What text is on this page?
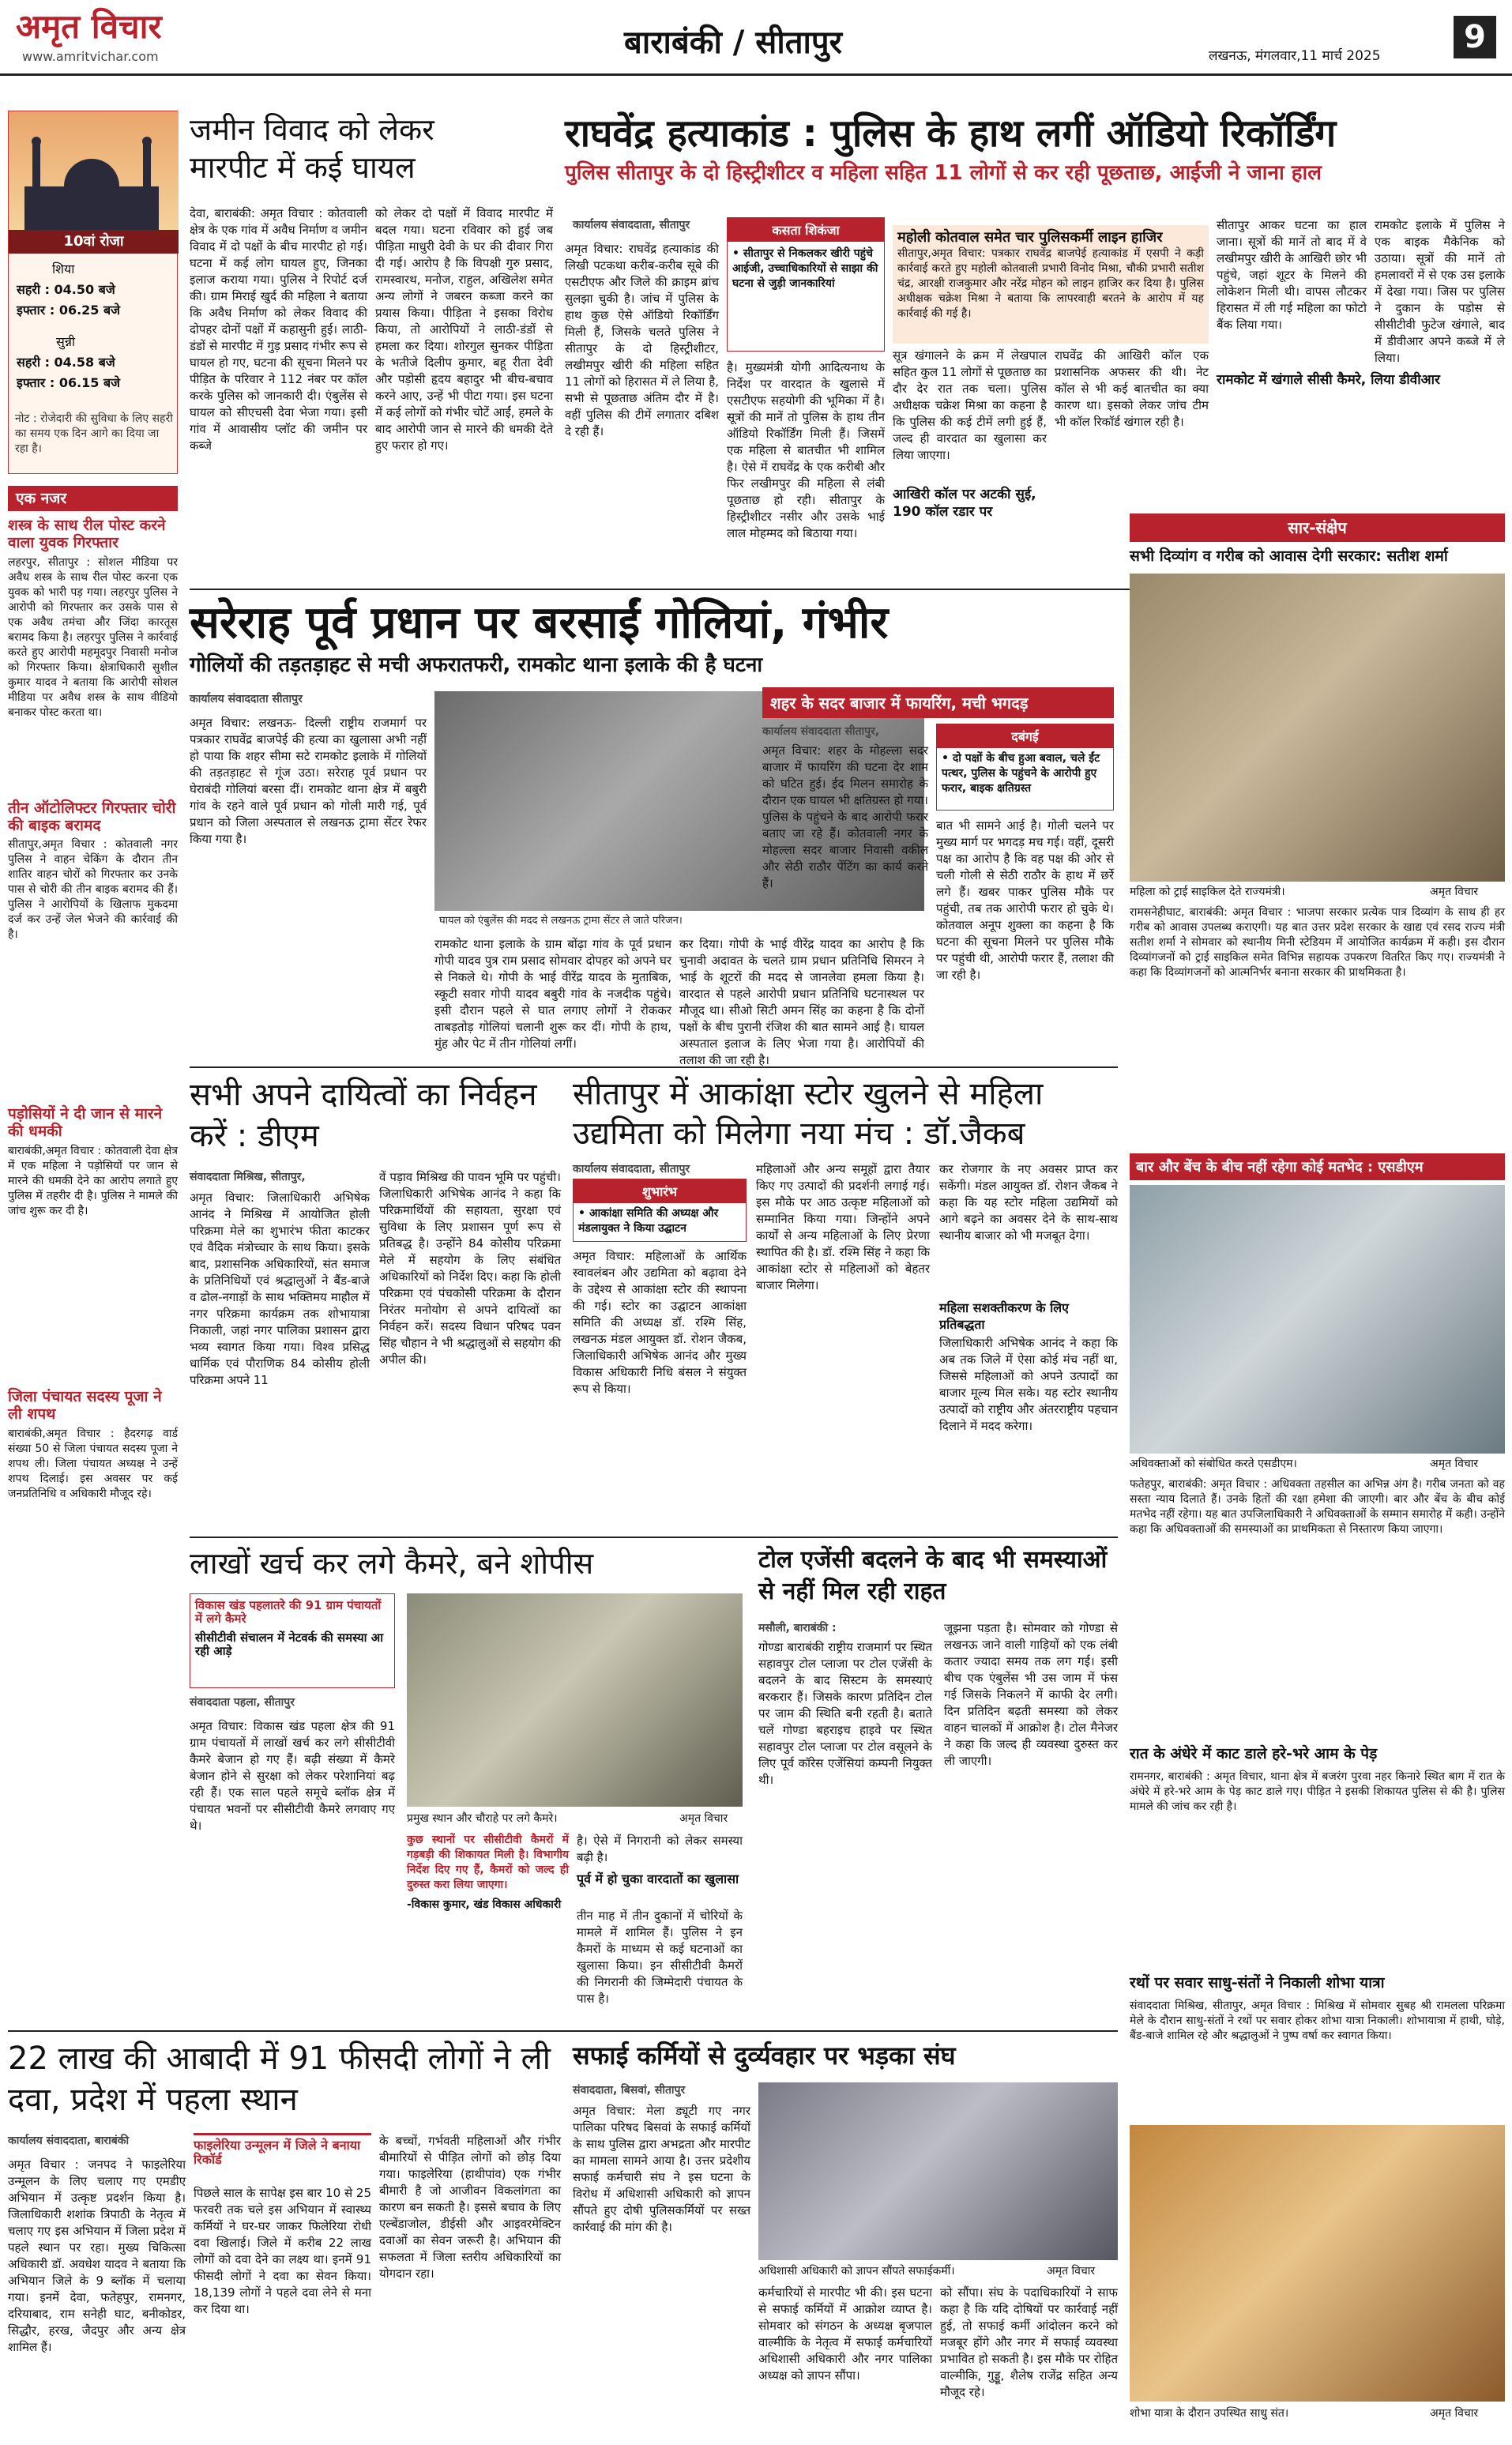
अमृत विचार
www.amritvichar.com	बाराबंकी / सीतापुर	लखनऊ, मंगलवार,11 मार्च 2025
9
10वां रोजा
शिया
सहरी : 04.50 बजे
इफ्तार : 06.25 बजे
सुन्नी
सहरी : 04.58 बजे
इफ्तार : 06.15 बजे
नोट : रोजेदारी की सुविधा के लिए सहरी का समय एक दिन आगे का दिया जा रहा है।
एक नजर
शस्त्र के साथ रील पोस्ट करने वाला युवक गिरफ्तार
लहरपुर, सीतापुर : सोशल मीडिया पर अवैध शस्त्र के साथ रील पोस्ट करना एक युवक को भारी पड़ गया। लहरपुर पुलिस ने आरोपी को गिरफ्तार कर उसके पास से एक अवैध तमंचा और जिंदा कारतूस बरामद किया है। लहरपुर पुलिस ने कार्रवाई करते हुए आरोपी महमूदपुर निवासी मनोज को गिरफ्तार किया। क्षेत्राधिकारी सुशील कुमार यादव ने बताया कि आरोपी सोशल मीडिया पर अवैध शस्त्र के साथ वीडियो बनाकर पोस्ट करता था।
तीन ऑटोलिफ्टर गिरफ्तार चोरी की बाइक बरामद
सीतापुर,अमृत विचार : कोतवाली नगर पुलिस ने वाहन चेकिंग के दौरान तीन शातिर वाहन चोरों को गिरफ्तार कर उनके पास से चोरी की तीन बाइक बरामद की हैं। पुलिस ने आरोपियों के खिलाफ मुकदमा दर्ज कर उन्हें जेल भेजने की कार्रवाई की है।
पड़ोसियों ने दी जान से मारने की धमकी
बाराबंकी,अमृत विचार : कोतवाली देवा क्षेत्र में एक महिला ने पड़ोसियों पर जान से मारने की धमकी देने का आरोप लगाते हुए पुलिस में तहरीर दी है। पुलिस ने मामले की जांच शुरू कर दी है।
जिला पंचायत सदस्य पूजा ने ली शपथ
बाराबंकी,अमृत विचार : हैदरगढ़ वार्ड संख्या 50 से जिला पंचायत सदस्य पूजा ने शपथ ली। जिला पंचायत अध्यक्ष ने उन्हें शपथ दिलाई। इस अवसर पर कई जनप्रतिनिधि व अधिकारी मौजूद रहे।
जमीन विवाद को लेकर मारपीट में कई घायल
देवा, बाराबंकी: अमृत विचार : कोतवाली क्षेत्र के एक गांव में अवैध निर्माण व जमीन विवाद में दो पक्षों के बीच मारपीट हो गई। घटना में कई लोग घायल हुए, जिनका इलाज कराया गया। पुलिस ने रिपोर्ट दर्ज की। ग्राम मिराई खुर्द की महिला ने बताया कि अवैध निर्माण को लेकर विवाद की दोपहर दोनों पक्षों में कहासुनी हुई। लाठी-डंडों से मारपीट में गुड़ प्रसाद गंभीर रूप से घायल हो गए, घटना की सूचना मिलने पर पीड़ित के परिवार ने 112 नंबर पर कॉल करके पुलिस को जानकारी दी। एंबुलेंस से घायल को सीएचसी देवा भेजा गया। इसी गांव में आवासीय प्लॉट की जमीन पर कब्जे
को लेकर दो पक्षों में विवाद मारपीट में बदल गया। घटना रविवार को हुई जब पीड़िता माधुरी देवी के घर की दीवार गिरा दी गई। आरोप है कि विपक्षी गुरु प्रसाद, रामस्वारथ, मनोज, राहुल, अखिलेश समेत अन्य लोगों ने जबरन कब्जा करने का प्रयास किया। पीड़िता ने इसका विरोध किया, तो आरोपियों ने लाठी-डंडों से हमला कर दिया। शोरगुल सुनकर पीड़िता के भतीजे दिलीप कुमार, बहू रीता देवी और पड़ोसी हृदय बहादुर भी बीच-बचाव करने आए, उन्हें भी पीटा गया। इस घटना में कई लोगों को गंभीर चोटें आईं, हमले के बाद आरोपी जान से मारने की धमकी देते हुए फरार हो गए।
राघवेंद्र हत्याकांड : पुलिस के हाथ लगीं ऑडियो रिकॉर्डिंग
पुलिस सीतापुर के दो हिस्ट्रीशीटर व महिला सहित 11 लोगों से कर रही पूछताछ, आईजी ने जाना हाल
कार्यालय संवाददाता, सीतापुर
अमृत विचार: राघवेंद्र हत्याकांड की लिखी पटकथा करीब-करीब सूबे की एसटीएफ और जिले की क्राइम ब्रांच सुलझा चुकी है। जांच में पुलिस के हाथ कुछ ऐसे ऑडियो रिकॉर्डिंग मिली हैं, जिसके चलते पुलिस ने सीतापुर के दो हिस्ट्रीशीटर, लखीमपुर खीरी की महिला सहित 11 लोगों को हिरासत में ले लिया है, सभी से पूछताछ अंतिम दौर में है। वहीं पुलिस की टीमें लगातार दबिश दे रही हैं।
कसता शिकंजा
• सीतापुर से निकलकर खीरी पहुंचे आईजी, उच्चाधिकारियों से साझा की घटना से जुड़ी जानकारियां
है। मुख्यमंत्री योगी आदित्यनाथ के निर्देश पर वारदात के खुलासे में एसटीएफ सहयोगी की भूमिका में है। सूत्रों की मानें तो पुलिस के हाथ तीन ऑडियो रिकॉर्डिंग मिली हैं। जिसमें एक महिला से बातचीत भी शामिल है। ऐसे में राघवेंद्र के एक करीबी और फिर लखीमपुर की महिला से लंबी पूछताछ हो रही। सीतापुर के हिस्ट्रीशीटर नसीर और उसके भाई लाल मोहम्मद को बिठाया गया।
सूत्र खंगालने के क्रम में लेखपाल सहित कुल 11 लोगों से पूछताछ का दौर देर रात तक चला। पुलिस अधीक्षक चक्रेश मिश्रा का कहना है कि पुलिस की कई टीमें लगी हुई हैं, जल्द ही वारदात का खुलासा कर लिया जाएगा।
आखिरी कॉल पर अटकी सुई, 190 कॉल रडार पर
राघवेंद्र की आखिरी कॉल एक प्रशासनिक अफसर की थी। नेट कॉल से भी कई बातचीत का क्या कारण था। इसको लेकर जांच टीम भी कॉल रिकॉर्ड खंगाल रही है।
महोली कोतवाल समेत चार पुलिसकर्मी लाइन हाजिर
सीतापुर,अमृत विचार: पत्रकार राघवेंद्र बाजपेई हत्याकांड में एसपी ने कड़ी कार्रवाई करते हुए महोली कोतवाली प्रभारी विनोद मिश्रा, चौकी प्रभारी सतीश चंद्र, आरक्षी राजकुमार और नरेंद्र मोहन को लाइन हाजिर कर दिया है। पुलिस अधीक्षक चक्रेश मिश्रा ने बताया कि लापरवाही बरतने के आरोप में यह कार्रवाई की गई है।
सीतापुर आकर घटना का हाल जाना। सूत्रों की मानें तो बाद में वे लखीमपुर खीरी के आखिरी छोर भी पहुंचे, जहां शूटर के मिलने की लोकेशन मिली थी। वापस लौटकर हिरासत में ली गई महिला का फोटो बैंक लिया गया।
रामकोट में खंगाले सीसी कैमरे, लिया डीवीआर
रामकोट इलाके में पुलिस ने एक बाइक मैकेनिक को उठाया। सूत्रों की मानें तो हमलावरों में से एक उस इलाके में देखा गया। जिस पर पुलिस ने दुकान के पड़ोस से सीसीटीवी फुटेज खंगाले, बाद में डीवीआर अपने कब्जे में ले लिया।
सरेराह पूर्व प्रधान पर बरसाईं गोलियां, गंभीर
गोलियों की तड़तड़ाहट से मची अफरातफरी, रामकोट थाना इलाके की है घटना
कार्यालय संवाददाता सीतापुर
अमृत विचार: लखनऊ- दिल्ली राष्ट्रीय राजमार्ग पर पत्रकार राघवेंद्र बाजपेई की हत्या का खुलासा अभी नहीं हो पाया कि शहर सीमा सटे रामकोट इलाके में गोलियों की तड़तड़ाहट से गूंज उठा। सरेराह पूर्व प्रधान पर घेराबंदी गोलियां बरसा दीं। रामकोट थाना क्षेत्र में बबुरी गांव के रहने वाले पूर्व प्रधान को गोली मारी गई, पूर्व प्रधान को जिला अस्पताल से लखनऊ ट्रामा सेंटर रेफर किया गया है।
घायल को एंबुलेंस की मदद से लखनऊ ट्रामा सेंटर ले जाते परिजन।
रामकोट थाना इलाके के ग्राम बोंढ़ा गांव के पूर्व प्रधान गोपी यादव पुत्र राम प्रसाद सोमवार दोपहर को अपने घर से निकले थे। गोपी के भाई वीरेंद्र यादव के मुताबिक, स्कूटी सवार गोपी यादव बबुरी गांव के नजदीक पहुंचे। इसी दौरान पहले से घात लगाए लोगों ने रोककर ताबड़तोड़ गोलियां चलानी शुरू कर दीं। गोपी के हाथ, मुंह और पेट में तीन गोलियां लगीं।
कर दिया। गोपी के भाई वीरेंद्र यादव का आरोप है कि चुनावी अदावत के चलते ग्राम प्रधान प्रतिनिधि सिमरन ने भाई के शूटरों की मदद से जानलेवा हमला किया है। वारदात से पहले आरोपी प्रधान प्रतिनिधि घटनास्थल पर मौजूद था। सीओ सिटी अमन सिंह का कहना है कि दोनों पक्षों के बीच पुरानी रंजिश की बात सामने आई है। घायल अस्पताल इलाज के लिए भेजा गया है। आरोपियों की तलाश की जा रही है।
शहर के सदर बाजार में फायरिंग, मची भगदड़
कार्यालय संवाददाता सीतापुर,
अमृत विचार: शहर के मोहल्ला सदर बाजार में फायरिंग की घटना देर शाम को घटित हुई। ईद मिलन समारोह के दौरान एक घायल भी क्षतिग्रस्त हो गया। पुलिस के पहुंचने के बाद आरोपी फरार बताए जा रहे हैं। कोतवाली नगर के मोहल्ला सदर बाजार निवासी वकील और सेठी राठौर पेंटिंग का कार्य करते हैं।
दबंगई
• दो पक्षों के बीच हुआ बवाल, चले ईंट पत्थर, पुलिस के पहुंचने के आरोपी हुए फरार, बाइक क्षतिग्रस्त
बात भी सामने आई है। गोली चलने पर मुख्य मार्ग पर भगदड़ मच गई। वहीं, दूसरी पक्ष का आरोप है कि वह पक्ष की ओर से चली गोली से सेठी राठौर के हाथ में छर्रे लगे हैं। खबर पाकर पुलिस मौके पर पहुंची, तब तक आरोपी फरार हो चुके थे। कोतवाल अनूप शुक्ला का कहना है कि घटना की सूचना मिलने पर पुलिस मौके पर पहुंची थी, आरोपी फरार हैं, तलाश की जा रही है।
सार-संक्षेप
सभी दिव्यांग व गरीब को आवास देगी सरकार: सतीश शर्मा
महिला को ट्राई साइकिल देते राज्यमंत्री।	अमृत विचार
रामसनेहीघाट, बाराबंकी: अमृत विचार : भाजपा सरकार प्रत्येक पात्र दिव्यांग के साथ ही हर गरीब को आवास उपलब्ध कराएगी। यह बात उत्तर प्रदेश सरकार के खाद्य एवं रसद राज्य मंत्री सतीश शर्मा ने सोमवार को स्थानीय मिनी स्टेडियम में आयोजित कार्यक्रम में कही। इस दौरान दिव्यांगजनों को ट्राई साइकिल समेत विभिन्न सहायक उपकरण वितरित किए गए। राज्यमंत्री ने कहा कि दिव्यांगजनों को आत्मनिर्भर बनाना सरकार की प्राथमिकता है।
बार और बेंच के बीच नहीं रहेगा कोई मतभेद : एसडीएम
अधिवक्ताओं को संबोधित करते एसडीएम।	अमृत विचार
फतेहपुर, बाराबंकी: अमृत विचार : अधिवक्ता तहसील का अभिन्न अंग है। गरीब जनता को वह सस्ता न्याय दिलाते हैं। उनके हितों की रक्षा हमेशा की जाएगी। बार और बेंच के बीच कोई मतभेद नहीं रहेगा। यह बात उपजिलाधिकारी ने अधिवक्ताओं के सम्मान समारोह में कही। उन्होंने कहा कि अधिवक्ताओं की समस्याओं का प्राथमिकता से निस्तारण किया जाएगा।
रात के अंधेरे में काट डाले हरे-भरे आम के पेड़
रामनगर, बाराबंकी : अमृत विचार, थाना क्षेत्र में बजरंग पुरवा नहर किनारे स्थित बाग में रात के अंधेरे में हरे-भरे आम के पेड़ काट डाले गए। पीड़ित ने इसकी शिकायत पुलिस से की है। पुलिस मामले की जांच कर रही है।
रथों पर सवार साधु-संतों ने निकाली शोभा यात्रा
संवाददाता मिश्रिख, सीतापुर, अमृत विचार : मिश्रिख में सोमवार सुबह श्री रामलला परिक्रमा मेले के दौरान साधु-संतों ने रथों पर सवार होकर शोभा यात्रा निकाली। शोभायात्रा में हाथी, घोड़े, बैंड-बाजे शामिल रहे और श्रद्धालुओं ने पुष्प वर्षा कर स्वागत किया।
शोभा यात्रा के दौरान उपस्थित साधु संत।	अमृत विचार
सभी अपने दायित्वों का निर्वहन करें : डीएम
संवाददाता मिश्रिख, सीतापुर,
अमृत विचार: जिलाधिकारी अभिषेक आनंद ने मिश्रिख में आयोजित होली परिक्रमा मेले का शुभारंभ फीता काटकर एवं वैदिक मंत्रोच्चार के साथ किया। इसके बाद, प्रशासनिक अधिकारियों, संत समाज के प्रतिनिधियों एवं श्रद्धालुओं ने बैंड-बाजे व ढोल-नगाड़ों के साथ भक्तिमय माहौल में नगर परिक्रमा कार्यक्रम तक शोभायात्रा निकाली, जहां नगर पालिका प्रशासन द्वारा भव्य स्वागत किया गया। विश्व प्रसिद्ध धार्मिक एवं पौराणिक 84 कोसीय होली परिक्रमा अपने 11
वें पड़ाव मिश्रिख की पावन भूमि पर पहुंची। जिलाधिकारी अभिषेक आनंद ने कहा कि परिक्रमार्थियों की सहायता, सुरक्षा एवं सुविधा के लिए प्रशासन पूर्ण रूप से प्रतिबद्ध है। उन्होंने 84 कोसीय परिक्रमा मेले में सहयोग के लिए संबंधित अधिकारियों को निर्देश दिए। कहा कि होली परिक्रमा एवं पंचकोसी परिक्रमा के दौरान निरंतर मनोयोग से अपने दायित्वों का निर्वहन करें। सदस्य विधान परिषद पवन सिंह चौहान ने भी श्रद्धालुओं से सहयोग की अपील की।
सीतापुर में आकांक्षा स्टोर खुलने से महिला उद्यमिता को मिलेगा नया मंच : डॉ.जैकब
कार्यालय संवाददाता, सीतापुर
शुभारंभ
• आकांक्षा समिति की अध्यक्ष और मंडलायुक्त ने किया उद्घाटन
अमृत विचार: महिलाओं के आर्थिक स्वावलंबन और उद्यमिता को बढ़ावा देने के उद्देश्य से आकांक्षा स्टोर की स्थापना की गई। स्टोर का उद्घाटन आकांक्षा समिति की अध्यक्ष डॉ. रश्मि सिंह, लखनऊ मंडल आयुक्त डॉ. रोशन जैकब, जिलाधिकारी अभिषेक आनंद और मुख्य विकास अधिकारी निधि बंसल ने संयुक्त रूप से किया।
महिलाओं और अन्य समूहों द्वारा तैयार किए गए उत्पादों की प्रदर्शनी लगाई गई। इस मौके पर आठ उत्कृष्ट महिलाओं को सम्मानित किया गया। जिन्होंने अपने कार्यों से अन्य महिलाओं के लिए प्रेरणा स्थापित की है। डॉ. रश्मि सिंह ने कहा कि आकांक्षा स्टोर से महिलाओं को बेहतर बाजार मिलेगा।
कर रोजगार के नए अवसर प्राप्त कर सकेंगी। मंडल आयुक्त डॉ. रोशन जैकब ने कहा कि यह स्टोर महिला उद्यमियों को आगे बढ़ने का अवसर देने के साथ-साथ स्थानीय बाजार को भी मजबूत देगा।
महिला सशक्तीकरण के लिए प्रतिबद्धता
जिलाधिकारी अभिषेक आनंद ने कहा कि अब तक जिले में ऐसा कोई मंच नहीं था, जिससे महिलाओं को अपने उत्पादों का बाजार मूल्य मिल सके। यह स्टोर स्थानीय उत्पादों को राष्ट्रीय और अंतरराष्ट्रीय पहचान दिलाने में मदद करेगा।
लाखों खर्च कर लगे कैमरे, बने शोपीस
विकास खंड पहलातरे की 91 ग्राम पंचायतों में लगे कैमरे
सीसीटीवी संचालन में नेटवर्क की समस्या आ रही आड़े
संवाददाता पहला, सीतापुर
अमृत विचार: विकास खंड पहला क्षेत्र की 91 ग्राम पंचायतों में लाखों खर्च कर लगे सीसीटीवी कैमरे बेजान हो गए हैं। बढ़ी संख्या में कैमरे बेजान होने से सुरक्षा को लेकर परेशानियां बढ़ रही हैं। एक साल पहले समूचे ब्लॉक क्षेत्र में पंचायत भवनों पर सीसीटीवी कैमरे लगवाए गए थे।	प्रमुख स्थान और चौराहे पर लगे कैमरे।	अमृत विचार
कुछ स्थानों पर सीसीटीवी कैमरों में गड़बड़ी की शिकायत मिली है। विभागीय निर्देश दिए गए हैं, कैमरों को जल्द ही दुरुस्त करा लिया जाएगा।
-विकास कुमार, खंड विकास अधिकारी
है। ऐसे में निगरानी को लेकर समस्या बढ़ी है।
पूर्व में हो चुका वारदातों का खुलासा
तीन माह में तीन दुकानों में चोरियों के मामले में शामिल हैं। पुलिस ने इन कैमरों के माध्यम से कई घटनाओं का खुलासा किया। इन सीसीटीवी कैमरों की निगरानी की जिम्मेदारी पंचायत के पास है।
टोल एजेंसी बदलने के बाद भी समस्याओं से नहीं मिल रही राहत
मसौली, बाराबंकी :
गोण्डा बाराबंकी राष्ट्रीय राजमार्ग पर स्थित सहावपुर टोल प्लाजा पर टोल एजेंसी के बदलने के बाद सिस्टम के समस्याएं बरकरार हैं। जिसके कारण प्रतिदिन टोल पर जाम की स्थिति बनी रहती है। बताते चलें गोण्डा बहराइच हाइवे पर स्थित सहावपुर टोल प्लाजा पर टोल वसूलने के लिए पूर्व कॉरेस एजेंसियां कम्पनी नियुक्त थी।
जूझना पड़ता है। सोमवार को गोण्डा से लखनऊ जाने वाली गाड़ियों को एक लंबी कतार ज्यादा समय तक लग गई। इसी बीच एक एंबुलेंस भी उस जाम में फंस गई जिसके निकलने में काफी देर लगी। दिन प्रतिदिन बढ़ती समस्या को लेकर वाहन चालकों में आक्रोश है। टोल मैनेजर ने कहा कि जल्द ही व्यवस्था दुरुस्त कर ली जाएगी।
22 लाख की आबादी में 91 फीसदी लोगों ने ली दवा, प्रदेश में पहला स्थान
कार्यालय संवाददाता, बाराबंकी
अमृत विचार : जनपद ने फाइलेरिया उन्मूलन के लिए चलाए गए एमडीए अभियान में उत्कृष्ट प्रदर्शन किया है। जिलाधिकारी शशांक त्रिपाठी के नेतृत्व में चलाए गए इस अभियान में जिला प्रदेश में पहले स्थान पर रहा। मुख्य चिकित्सा अधिकारी डॉ. अवधेश यादव ने बताया कि अभियान जिले के 9 ब्लॉक में चलाया गया। इनमें देवा, फतेहपुर, रामनगर, दरियाबाद, राम सनेही घाट, बनीकोडर, सिद्धौर, हरख, जैदपुर और अन्य क्षेत्र शामिल हैं।
फाइलेरिया उन्मूलन में जिले ने बनाया रिकॉर्ड
पिछले साल के सापेक्ष इस बार 10 से 25 फरवरी तक चले इस अभियान में स्वास्थ्य कर्मियों ने घर-घर जाकर फिलेरिया रोधी दवा खिलाई। जिले में करीब 22 लाख लोगों को दवा देने का लक्ष्य था। इनमें 91 फीसदी लोगों ने दवा का सेवन किया। 18,139 लोगों ने पहले दवा लेने से मना कर दिया था।
के बच्चों, गर्भवती महिलाओं और गंभीर बीमारियों से पीड़ित लोगों को छोड़ दिया गया। फाइलेरिया (हाथीपांव) एक गंभीर बीमारी है जो आजीवन विकलांगता का कारण बन सकती है। इससे बचाव के लिए एल्बेंडाजोल, डीईसी और आइवरमेक्टिन दवाओं का सेवन जरूरी है। अभियान की सफलता में जिला स्तरीय अधिकारियों का योगदान रहा।
सफाई कर्मियों से दुर्व्यवहार पर भड़का संघ
संवाददाता, बिसवां, सीतापुर
अमृत विचार: मेला ड्यूटी गए नगर पालिका परिषद बिसवां के सफाई कर्मियों के साथ पुलिस द्वारा अभद्रता और मारपीट का मामला सामने आया है। उत्तर प्रदेशीय सफाई कर्मचारी संघ ने इस घटना के विरोध में अधिशासी अधिकारी को ज्ञापन सौंपते हुए दोषी पुलिसकर्मियों पर सख्त कार्रवाई की मांग की है।
अधिशासी अधिकारी को ज्ञापन सौंपते सफाईकर्मी।	अमृत विचार
कर्मचारियों से मारपीट भी की। इस घटना से सफाई कर्मियों में आक्रोश व्याप्त है। सोमवार को संगठन के अध्यक्ष बृजपाल वाल्मीकि के नेतृत्व में सफाई कर्मचारियों अधिशासी अधिकारी और नगर पालिका अध्यक्ष को ज्ञापन सौंपा।
को सौंपा। संघ के पदाधिकारियों ने साफ कहा है कि यदि दोषियों पर कार्रवाई नहीं हुई, तो सफाई कर्मी आंदोलन करने को मजबूर होंगे और नगर में सफाई व्यवस्था प्रभावित हो सकती है। इस मौके पर रोहित वाल्मीकि, गुड्डू, शैलेष राजेंद्र सहित अन्य मौजूद रहे।
